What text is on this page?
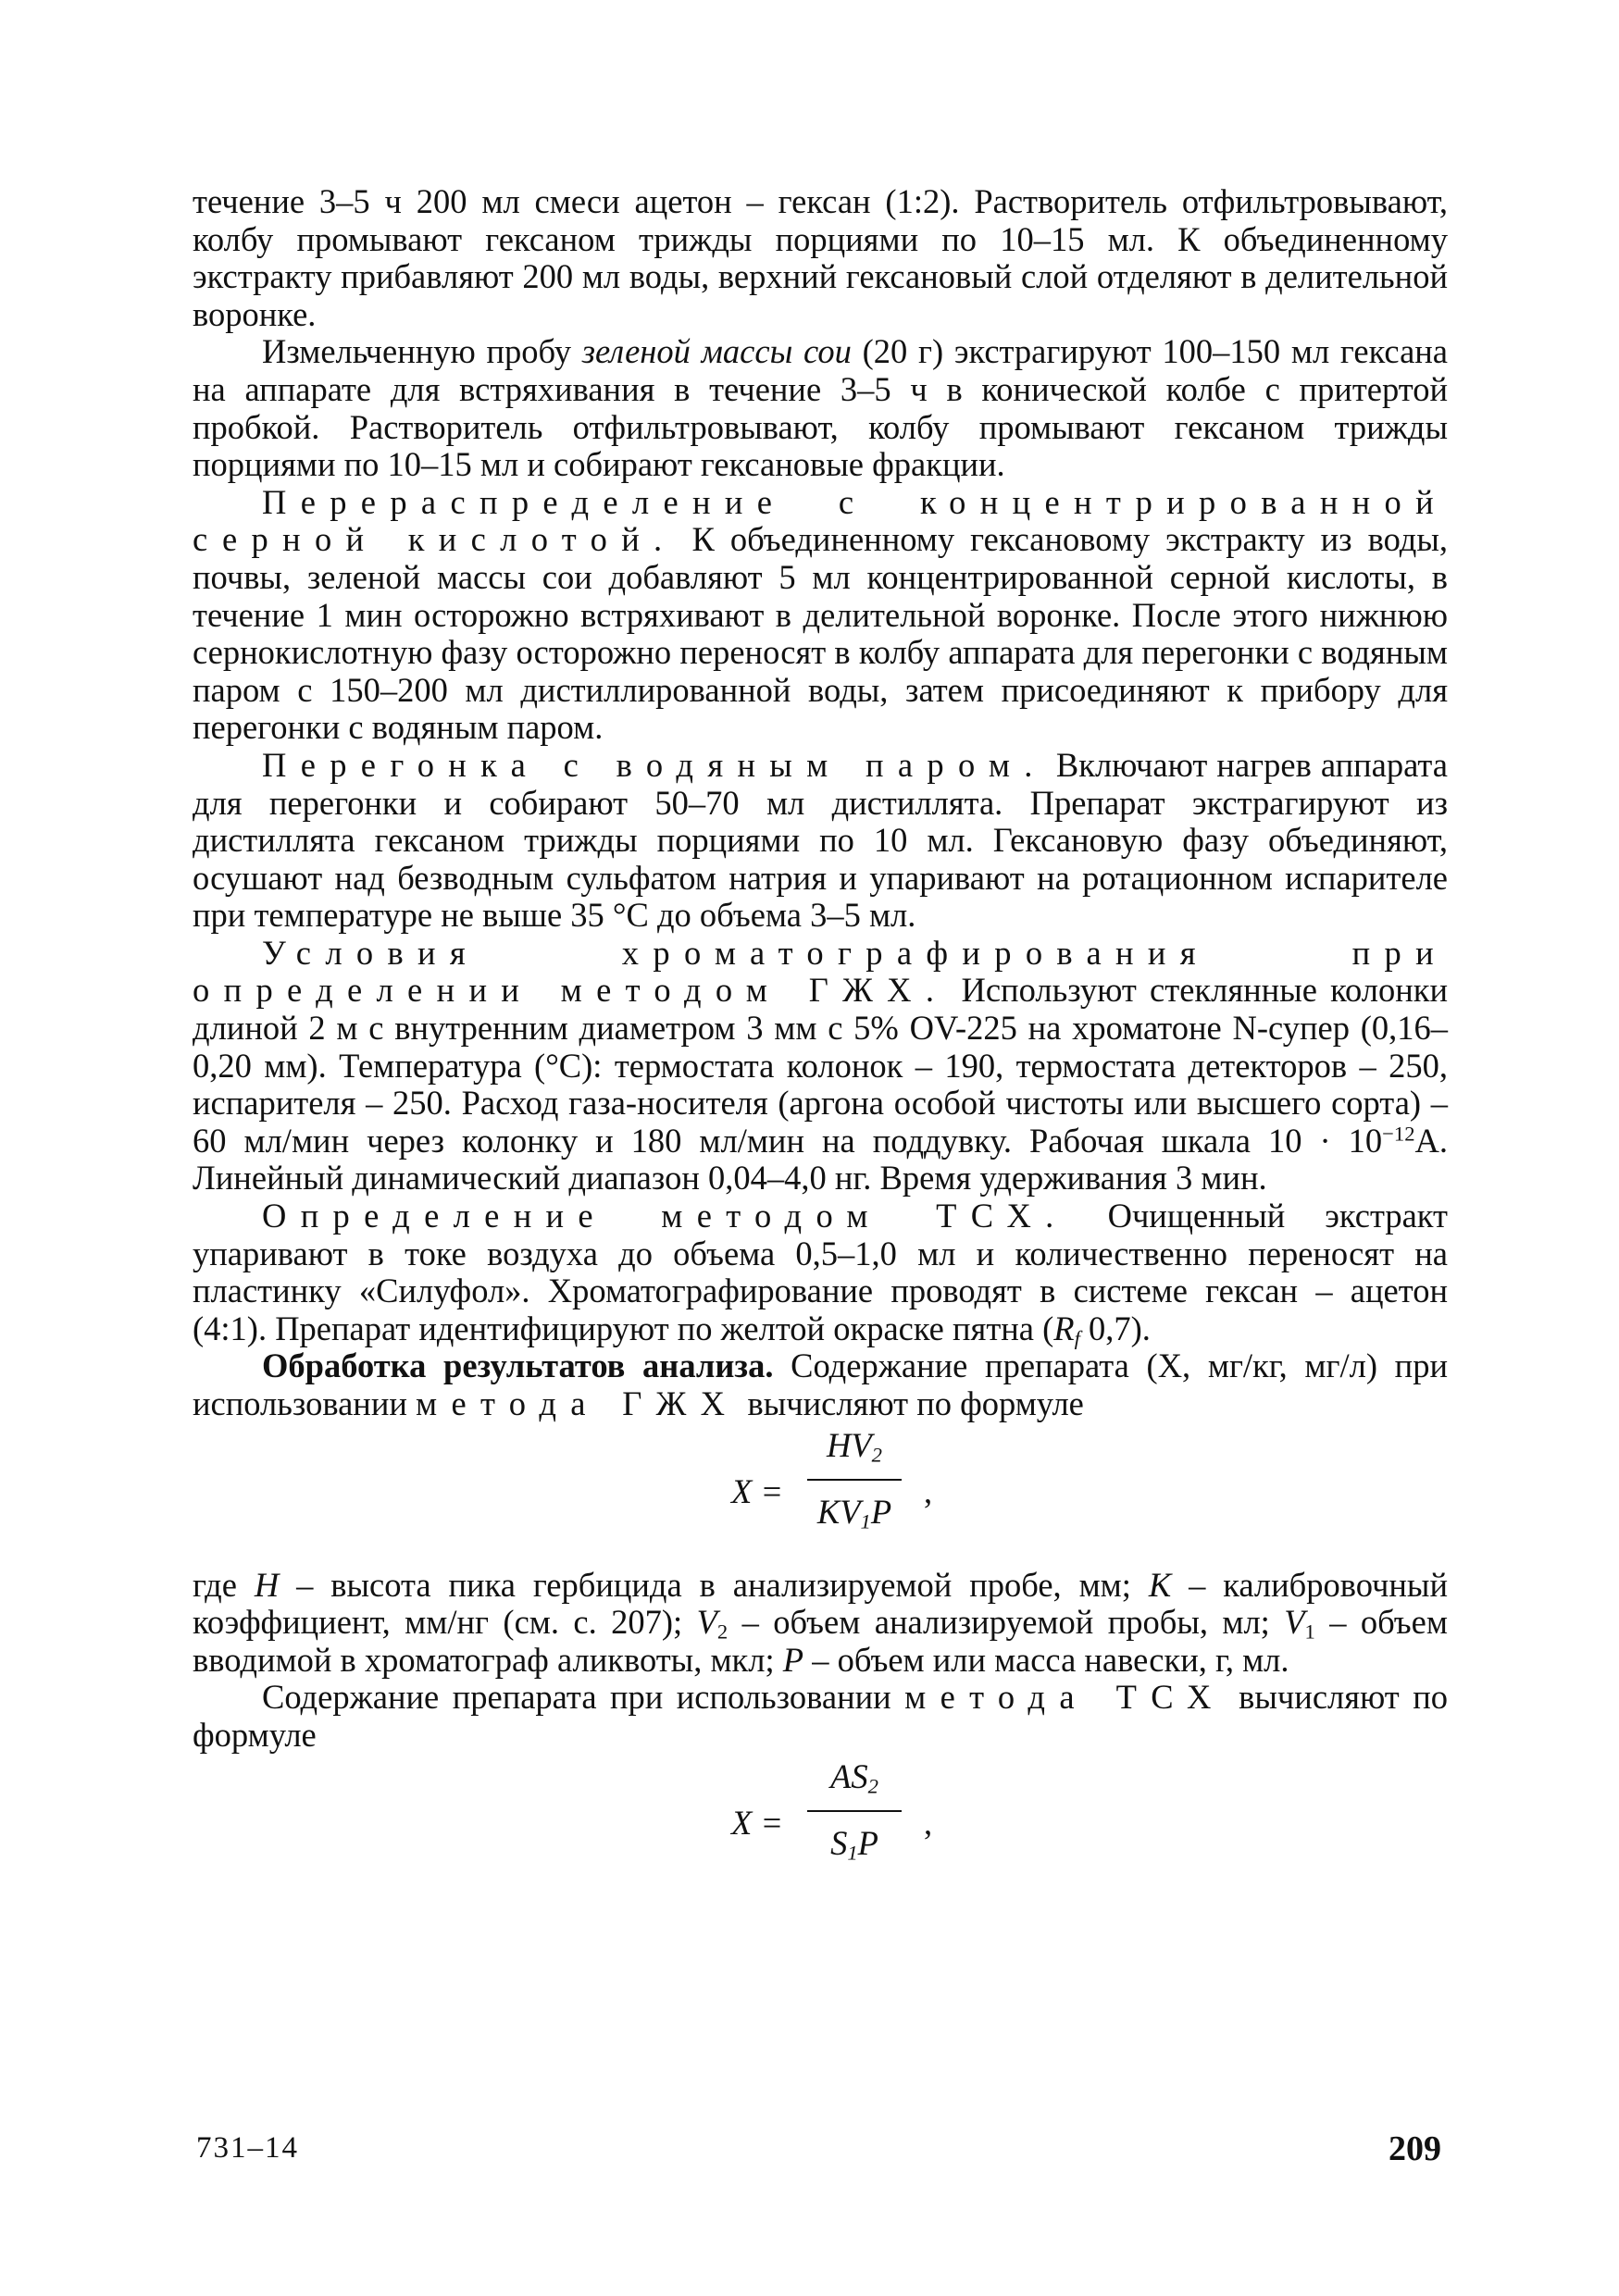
течение 3–5 ч 200 мл смеси ацетон – гексан (1:2). Растворитель отфильтровывают, колбу промывают гексаном трижды порциями по 10–15 мл. К объединенному экстракту прибавляют 200 мл воды, верхний гексановый слой отделяют в делительной воронке.

Измельченную пробу зеленой массы сои (20 г) экстрагируют 100–150 мл гексана на аппарате для встряхивания в течение 3–5 ч в конической колбе с притертой пробкой. Растворитель отфильтровывают, колбу промывают гексаном трижды порциями по 10–15 мл и собирают гексановые фракции.

Перераспределение с концентрированной серной кислотой. К объединенному гексановому экстракту из воды, почвы, зеленой массы сои добавляют 5 мл концентрированной серной кислоты, в течение 1 мин осторожно встряхивают в делительной воронке. После этого нижнюю сернокислотную фазу осторожно переносят в колбу аппарата для перегонки с водяным паром с 150–200 мл дистиллированной воды, затем присоединяют к прибору для перегонки с водяным паром.

Перегонка с водяным паром. Включают нагрев аппарата для перегонки и собирают 50–70 мл дистиллята. Препарат экстрагируют из дистиллята гексаном трижды порциями по 10 мл. Гексановую фазу объединяют, осушают над безводным сульфатом натрия и упаривают на ротационном испарителе при температуре не выше 35 °С до объема 3–5 мл.

Условия хроматографирования при определении методом ГЖХ. Используют стеклянные колонки длиной 2 м с внутренним диаметром 3 мм с 5% OV-225 на хроматоне N-супер (0,16–0,20 мм). Температура (°С): термостата колонок – 190, термостата детекторов – 250, испарителя – 250. Расход газа-носителя (аргона особой чистоты или высшего сорта) – 60 мл/мин через колонку и 180 мл/мин на поддувку. Рабочая шкала $10 \cdot 10^{-12}А$. Линейный динамический диапазон 0,04–4,0 нг. Время удерживания 3 мин.

Определение методом ТСХ. Очищенный экстракт упаривают в токе воздуха до объема 0,5–1,0 мл и количественно переносят на пластинку «Силуфол». Хроматографирование проводят в системе гексан – ацетон (4:1). Препарат идентифицируют по желтой окраске пятна ($R_f$ 0,7).

Обработка результатов анализа. Содержание препарата (X, мг/кг, мг/л) при использовании метода ГЖХ вычисляют по формуле

X =
$HV_2$
$KV_1P$
,

где H – высота пика гербицида в анализируемой пробе, мм; K – калибровочный коэффициент, мм/нг (см. с. 207); $V_2$ – объем анализируемой пробы, мл; $V_1$ – объем вводимой в хроматограф аликвоты, мкл; P – объем или масса навески, г, мл.

Содержание препарата при использовании метода ТСХ вычисляют по формуле

X =
$AS_2$
$S_1P$
,
731–14	209
